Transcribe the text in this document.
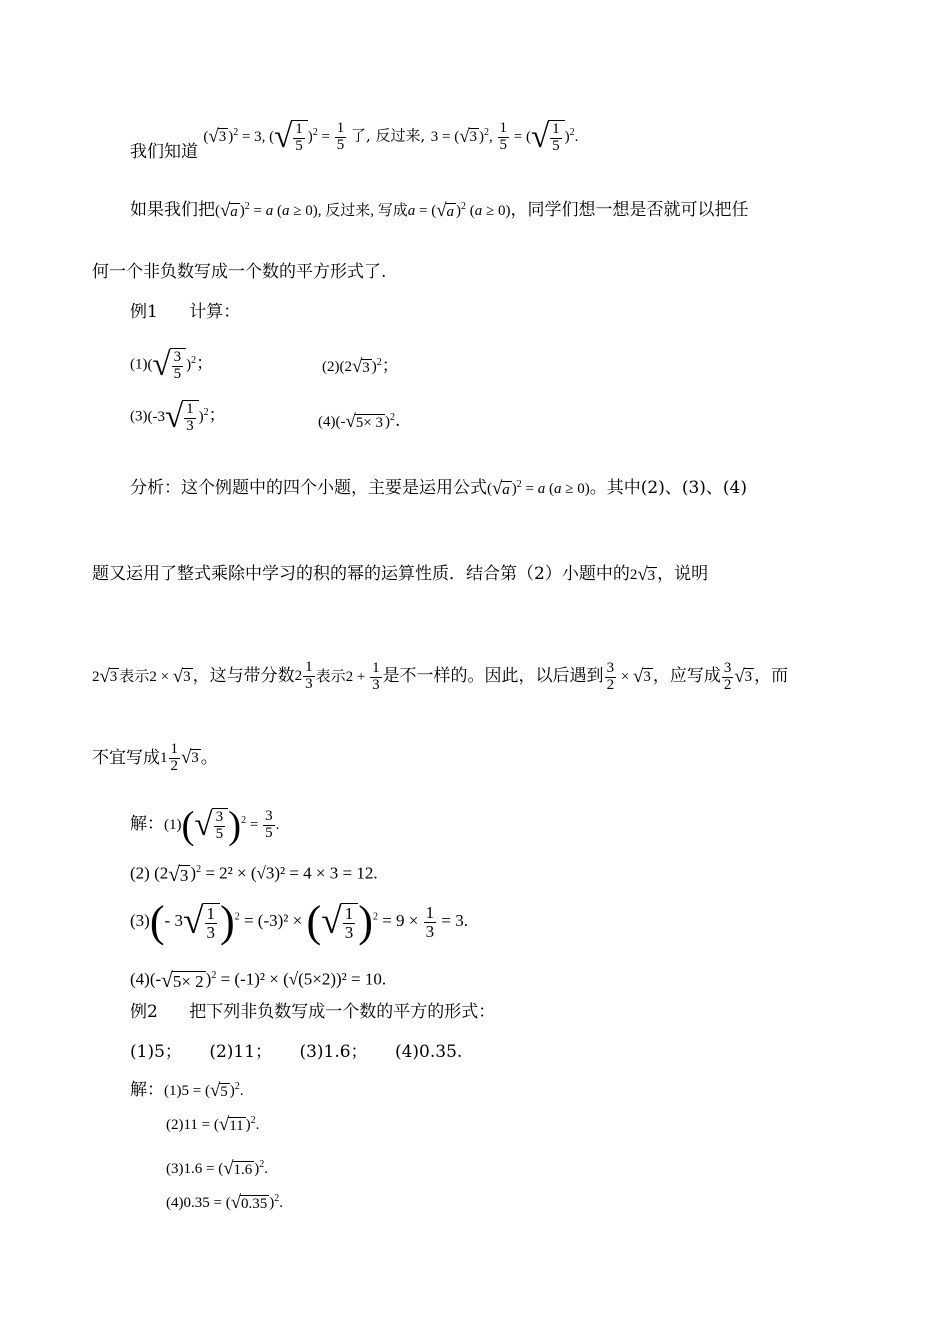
我们知道 ( √ 3 )$^2$ = 3, ( √ $\frac{1}{5} )^2 = \frac{1}{5}$ 了, 反过来, 3 = ( √ 3 )$^2$, $\frac{1}{5}$ = ( √ $\frac{1}{5} )^2$.
如果我们把( √ a )$^2$ = a (a ≥ 0), 反过来, 写成a = ( √ a )$^2$ (a ≥ 0)，同学们想一想是否就可以把任
何一个非负数写成一个数的平方形式了.
例1 计算：
(1)( √ $\frac{3}{5} )^2$；	(2)(2 √ 3 )$^2$；
(3)(-3 √ $\frac{1}{3} )^2$；	(4)(- √ 5× 3 )$^2$.
分析：这个例题中的四个小题，主要是运用公式( √ a )$^2$ = a (a ≥ 0)。其中(2)、(3)、(4)
题又运用了整式乘除中学习的积的幂的运算性质．结合第（2）小题中的2 √ 3 ，说明
2 √ 3 表示2 × √ 3 ，这与带分数$2 \frac{1}{3}$ 表示$2 + \frac{1}{3}$ 是不一样的。因此，以后遇到 $\frac{3}{2}$ × √ 3 ，应写成 $\frac{3}{2}$ √ 3 ，而
不宜写成$1 \frac{1}{2}$ √ 3 。
解：(1)( √ $\frac{3}{5} )^2 = \frac{3}{5}$ .
(2) (2 √ 3 )$^2$ = 2² × (√3)² = 4 × 3 = 12.
(3)(- 3 √ $\frac{1}{3} )^2 = (-3)^2$ × ( √ $\frac{1}{3} )^2 = 9 \times \frac{1}{3} = 3$.
(4)(- √ 5× 2 )$^2$ = (-1)² × (√(5×2))² = 10.
例2 把下列非负数写成一个数的平方的形式：
(1)5； (2)11； (3)1.6； (4)0.35.
解：(1)5 = ( √ 5 )$^2$.
(2)11 = ( √ 11 )$^2$.
(3)1.6 = ( √ 1.6 )$^2$.
(4)0.35 = ( √ 0.35 )$^2$.
